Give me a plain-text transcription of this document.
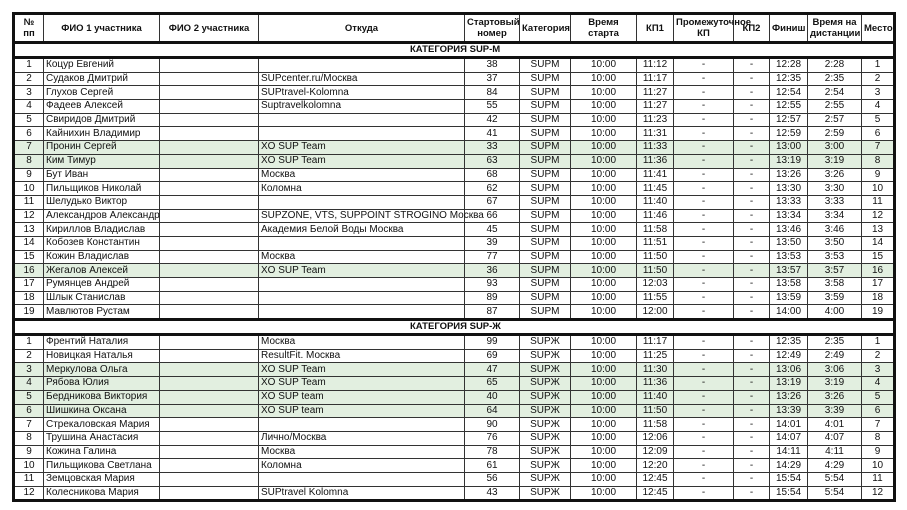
№ пп	ФИО 1 участника	ФИО 2 участника	Откуда	Стартовый номер	Категория	Время старта	КП1	Промежуточное КП	КП2	Финиш	Время на дистанции	Место
КАТЕГОРИЯ SUP-M												
1	Коцур Евгений			38	SUPM	10:00	11:12	-	-	12:28	2:28	1
2	Судаков Дмитрий		SUPcenter.ru/Москва	37	SUPM	10:00	11:17	-	-	12:35	2:35	2
3	Глухов Сергей		SUPtravel-Kolomna	84	SUPM	10:00	11:27	-	-	12:54	2:54	3
4	Фадеев Алексей		Suptravelkolomna	55	SUPM	10:00	11:27	-	-	12:55	2:55	4
5	Свиридов Дмитрий			42	SUPM	10:00	11:23	-	-	12:57	2:57	5
6	Кайнихин Владимир			41	SUPM	10:00	11:31	-	-	12:59	2:59	6
7	Пронин Сергей		XO SUP Team	33	SUPM	10:00	11:33	-	-	13:00	3:00	7
8	Ким Тимур		XO SUP Team	63	SUPM	10:00	11:36	-	-	13:19	3:19	8
9	Бут Иван		Москва	68	SUPM	10:00	11:41	-	-	13:26	3:26	9
10	Пильщиков Николай		Коломна	62	SUPM	10:00	11:45	-	-	13:30	3:30	10
11	Шелудько Виктор			67	SUPM	10:00	11:40	-	-	13:33	3:33	11
12	Александров Александр		SUPZONE, VTS, SUPPOINT STROGINO Москва	66	SUPM	10:00	11:46	-	-	13:34	3:34	12
13	Кириллов Владислав		Академия Белой Воды Москва	45	SUPM	10:00	11:58	-	-	13:46	3:46	13
14	Кобозев Константин			39	SUPM	10:00	11:51	-	-	13:50	3:50	14
15	Кожин Владислав		Москва	77	SUPM	10:00	11:50	-	-	13:53	3:53	15
16	Жегалов Алексей		XO SUP Team	36	SUPM	10:00	11:50	-	-	13:57	3:57	16
17	Румянцев Андрей			93	SUPM	10:00	12:03	-	-	13:58	3:58	17
18	Шлык Станислав			89	SUPM	10:00	11:55	-	-	13:59	3:59	18
19	Мавлютов Рустам			87	SUPM	10:00	12:00	-	-	14:00	4:00	19
КАТЕГОРИЯ SUP-Ж												
1	Френтий Наталия		Москва	99	SUPЖ	10:00	11:17	-	-	12:35	2:35	1
2	Новицкая Наталья		ResultFit. Москва	69	SUPЖ	10:00	11:25	-	-	12:49	2:49	2
3	Меркулова Ольга		XO SUP Team	47	SUPЖ	10:00	11:30	-	-	13:06	3:06	3
4	Рябова Юлия		XO SUP Team	65	SUPЖ	10:00	11:36	-	-	13:19	3:19	4
5	Бердникова Виктория		XO SUP team	40	SUPЖ	10:00	11:40	-	-	13:26	3:26	5
6	Шишкина Оксана		XO SUP team	64	SUPЖ	10:00	11:50	-	-	13:39	3:39	6
7	Стрекаловская Мария			90	SUPЖ	10:00	11:58	-	-	14:01	4:01	7
8	Трушина Анастасия		Лично/Москва	76	SUPЖ	10:00	12:06	-	-	14:07	4:07	8
9	Кожина Галина		Москва	78	SUPЖ	10:00	12:09	-	-	14:11	4:11	9
10	Пильщикова Светлана		Коломна	61	SUPЖ	10:00	12:20	-	-	14:29	4:29	10
11	Земцовская Мария			56	SUPЖ	10:00	12:45	-	-	15:54	5:54	11
12	Колесникова Мария		SUPtravel Kolomna	43	SUPЖ	10:00	12:45	-	-	15:54	5:54	12
